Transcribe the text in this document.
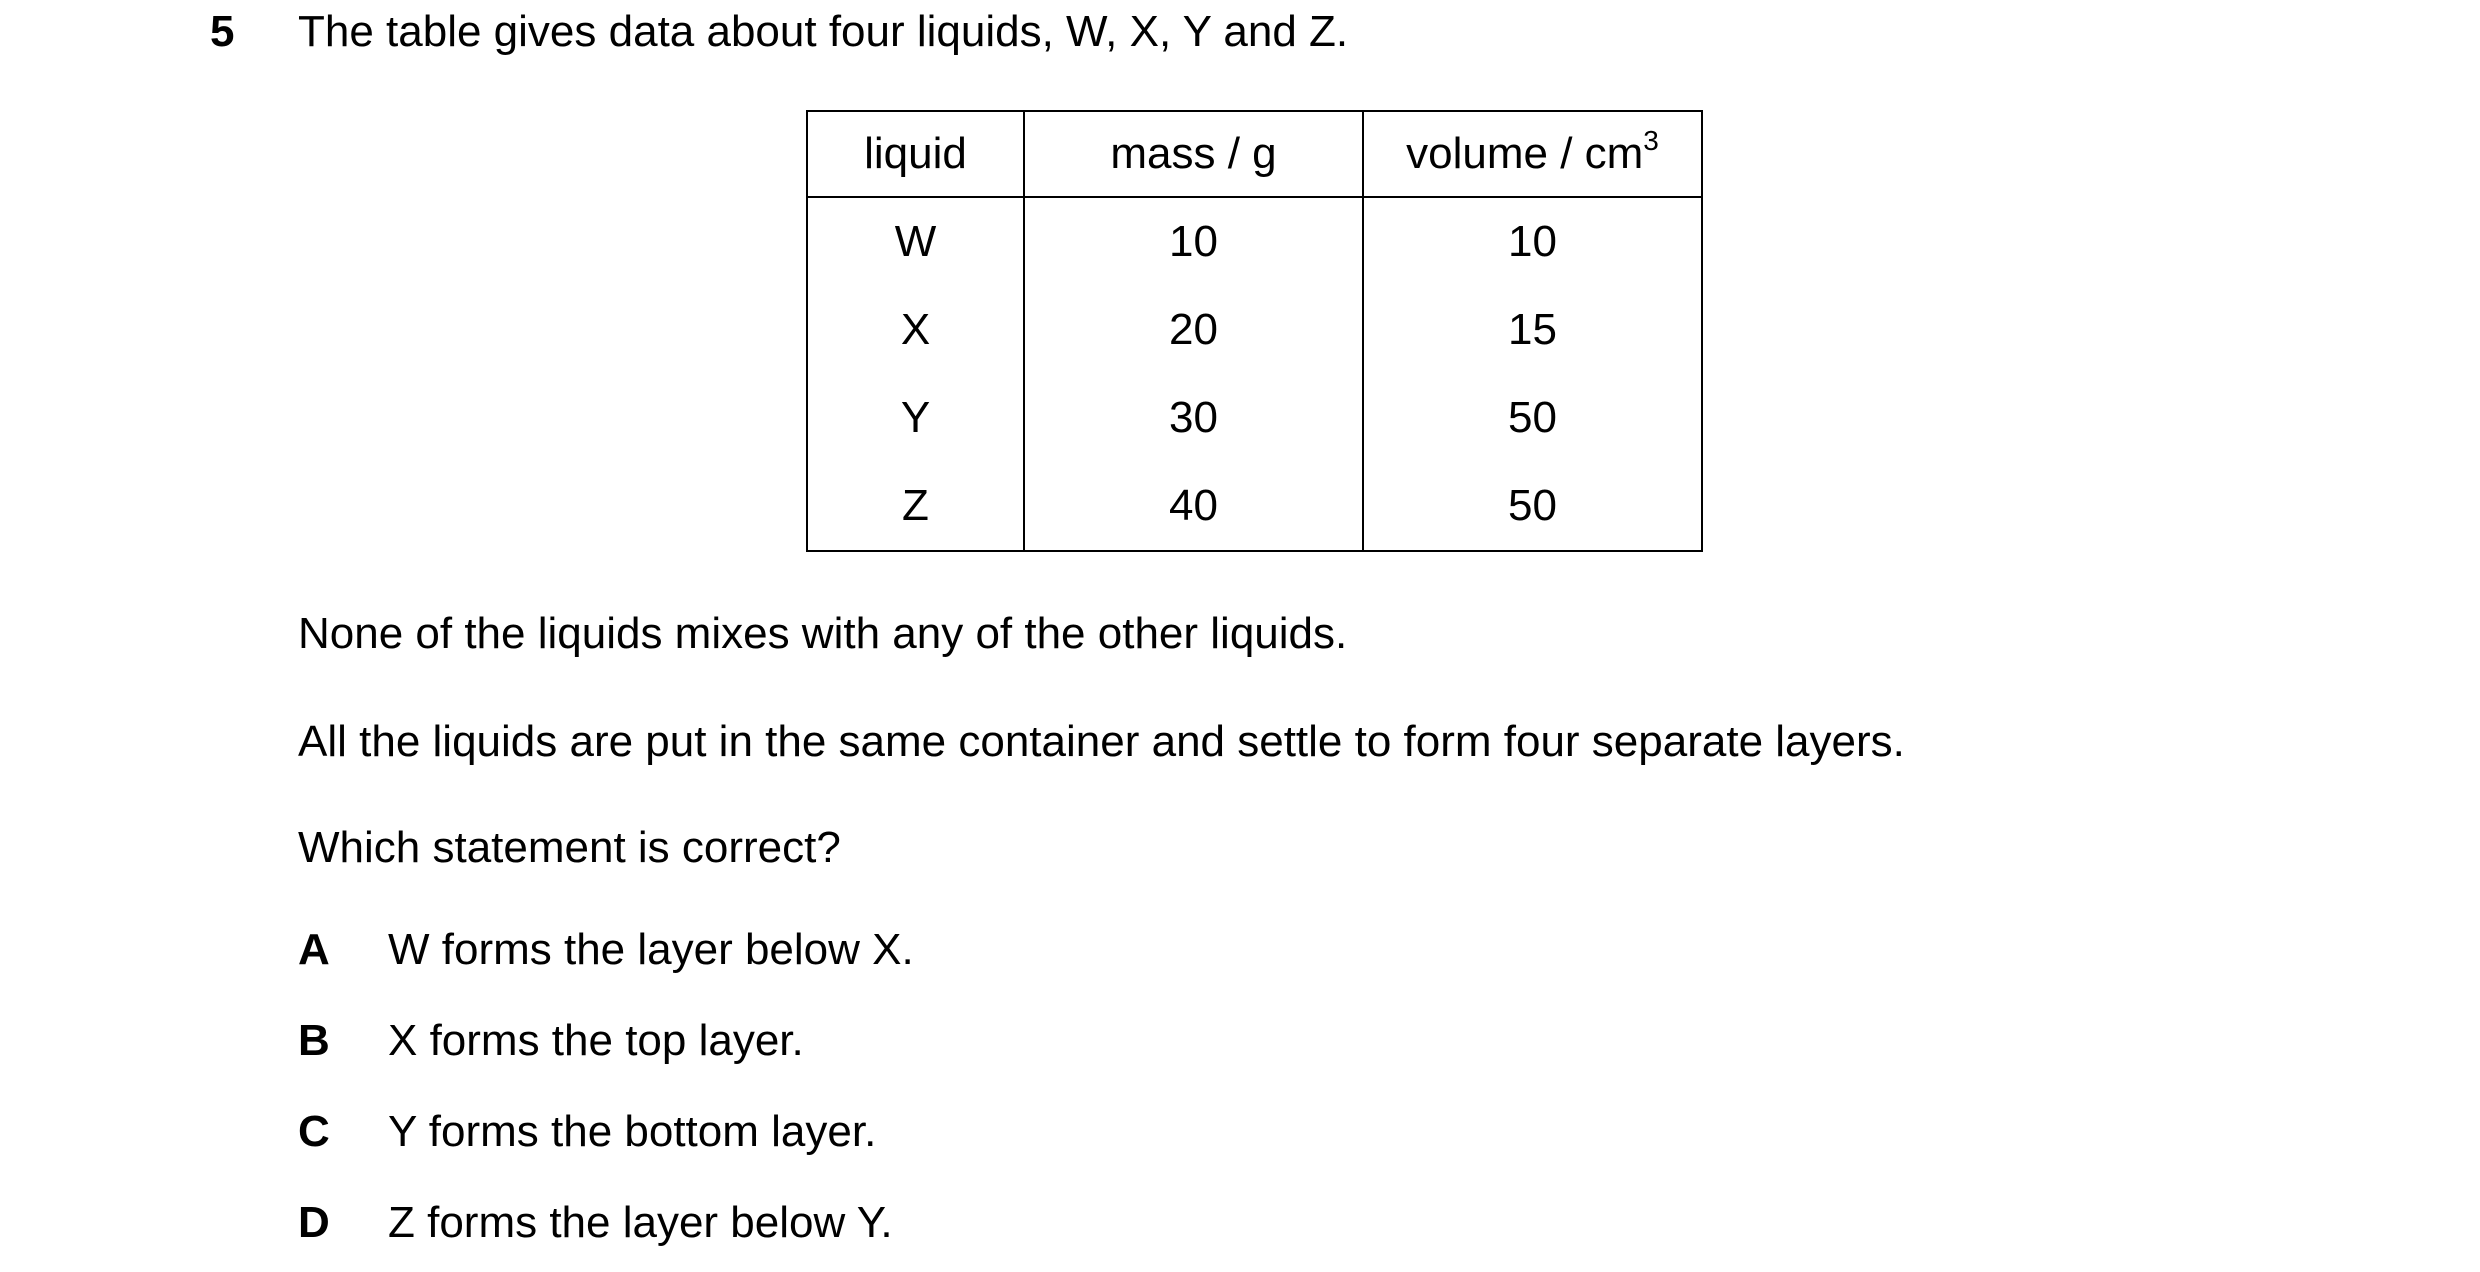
5 The table gives data about four liquids, W, X, Y and Z.
liquid	mass / g	volume / $cm^3$
W	10	10
X	20	15
Y	30	50
Z	40	50
None of the liquids mixes with any of the other liquids.
All the liquids are put in the same container and settle to form four separate layers.
Which statement is correct?
A W forms the layer below X.
B X forms the top layer.
C Y forms the bottom layer.
D Z forms the layer below Y.
